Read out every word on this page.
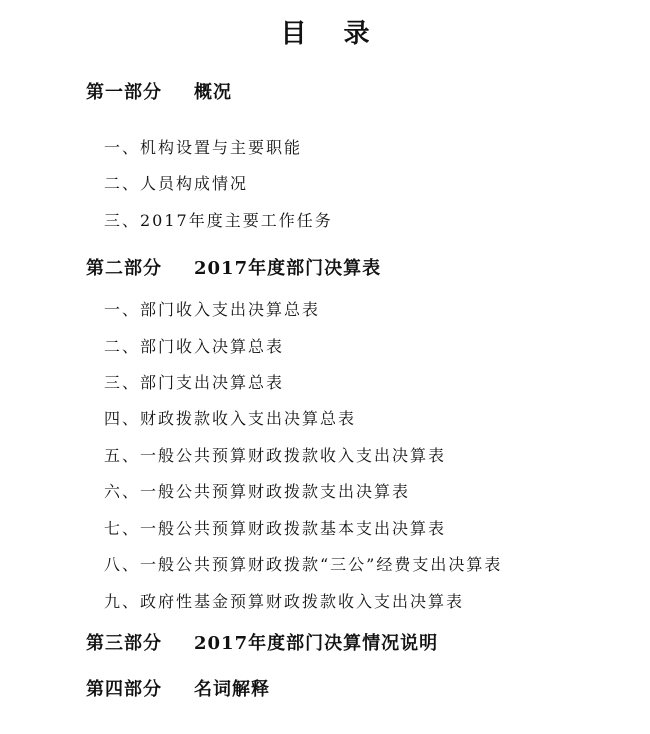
目 录
第一部分 概况
一、机构设置与主要职能
二、人员构成情况
三、2017年度主要工作任务
第二部分 2017年度部门决算表
一、部门收入支出决算总表
二、部门收入决算总表
三、部门支出决算总表
四、财政拨款收入支出决算总表
五、一般公共预算财政拨款收入支出决算表
六、一般公共预算财政拨款支出决算表
七、一般公共预算财政拨款基本支出决算表
八、一般公共预算财政拨款“三公”经费支出决算表
九、政府性基金预算财政拨款收入支出决算表
第三部分 2017年度部门决算情况说明
第四部分 名词解释
